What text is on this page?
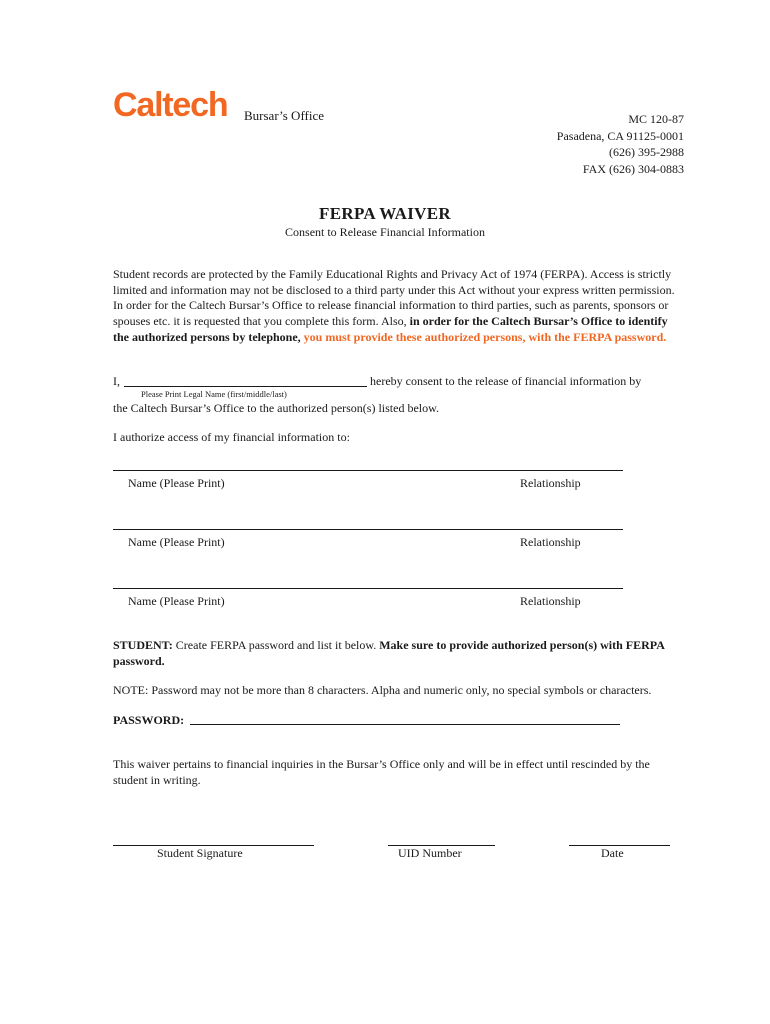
Caltech Bursar’s Office	MC 120-87
Pasadena, CA 91125-0001
(626) 395-2988
FAX (626) 304-0883
FERPA WAIVER
Consent to Release Financial Information
Student records are protected by the Family Educational Rights and Privacy Act of 1974 (FERPA). Access is strictly limited and information may not be disclosed to a third party under this Act without your express written permission. In order for the Caltech Bursar’s Office to release financial information to third parties, such as parents, sponsors or spouses etc. it is requested that you complete this form. Also, in order for the Caltech Bursar’s Office to identify the authorized persons by telephone, you must provide these authorized persons, with the FERPA password.
I,	hereby consent to the release of financial information by
Please Print Legal Name (first/middle/last)
the Caltech Bursar’s Office to the authorized person(s) listed below.
I authorize access of my financial information to:
Name (Please Print)	Relationship
Name (Please Print)	Relationship
Name (Please Print)	Relationship
STUDENT: Create FERPA password and list it below. Make sure to provide authorized person(s) with FERPA password.
NOTE: Password may not be more than 8 characters. Alpha and numeric only, no special symbols or characters.
PASSWORD:
This waiver pertains to financial inquiries in the Bursar’s Office only and will be in effect until rescinded by the student in writing.
Student Signature	UID Number	Date
